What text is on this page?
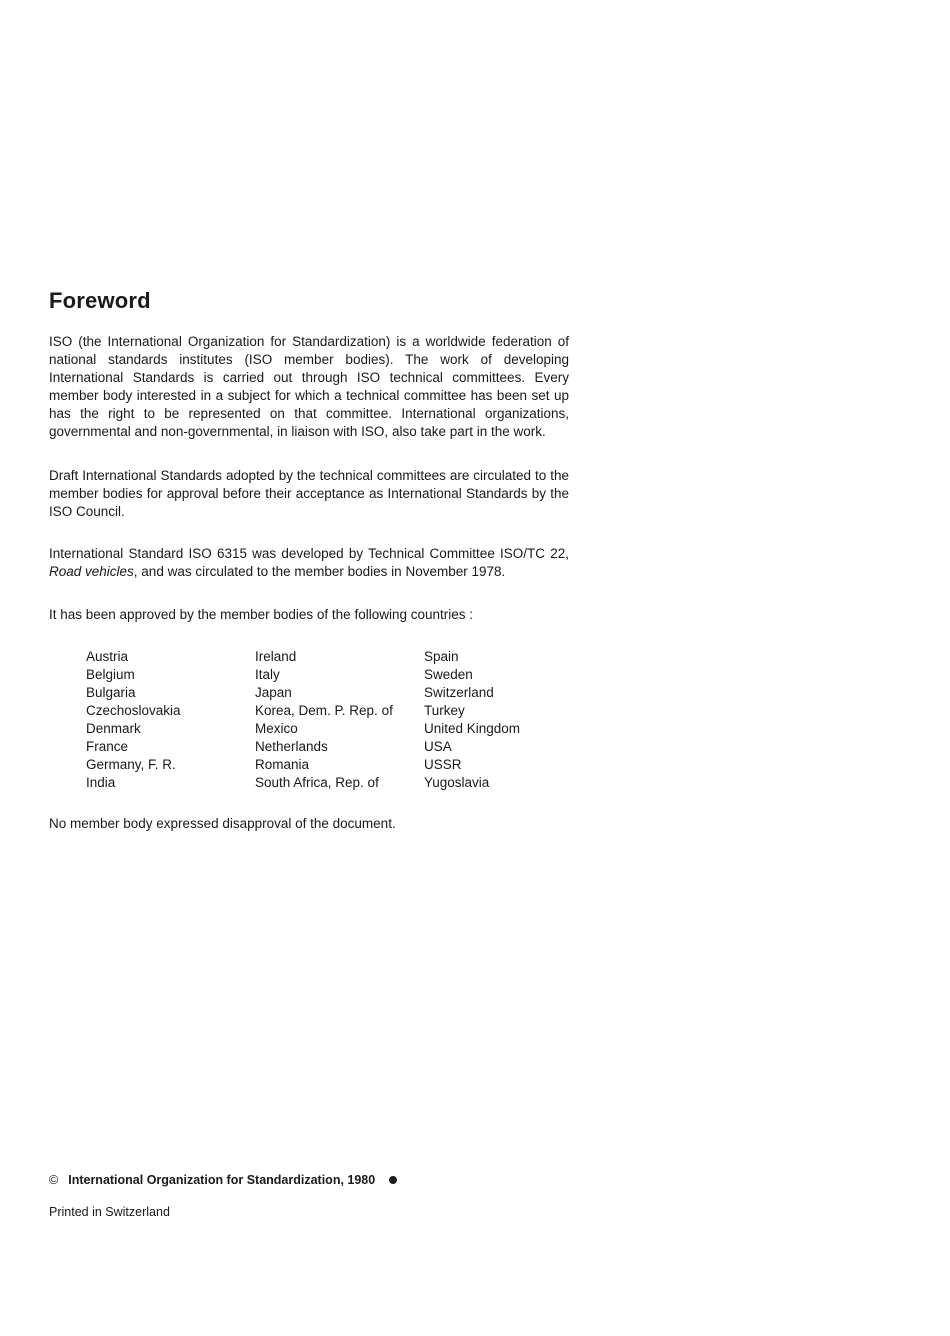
Foreword

ISO (the International Organization for Standardization) is a worldwide federation of national standards institutes (ISO member bodies). The work of developing International Standards is carried out through ISO technical committees. Every member body interested in a subject for which a technical committee has been set up has the right to be represented on that committee. International organizations, governmental and non-governmental, in liaison with ISO, also take part in the work.

Draft International Standards adopted by the technical committees are circulated to the member bodies for approval before their acceptance as International Standards by the ISO Council.

International Standard ISO 6315 was developed by Technical Committee ISO/TC 22, Road vehicles, and was circulated to the member bodies in November 1978.

It has been approved by the member bodies of the following countries :

Austria
Belgium
Bulgaria
Czechoslovakia
Denmark
France
Germany, F. R.
India
Ireland
Italy
Japan
Korea, Dem. P. Rep. of
Mexico
Netherlands
Romania
South Africa, Rep. of
Spain
Sweden
Switzerland
Turkey
United Kingdom
USA
USSR
Yugoslavia

No member body expressed disapproval of the document.

© International Organization for Standardization, 1980
Printed in Switzerland
